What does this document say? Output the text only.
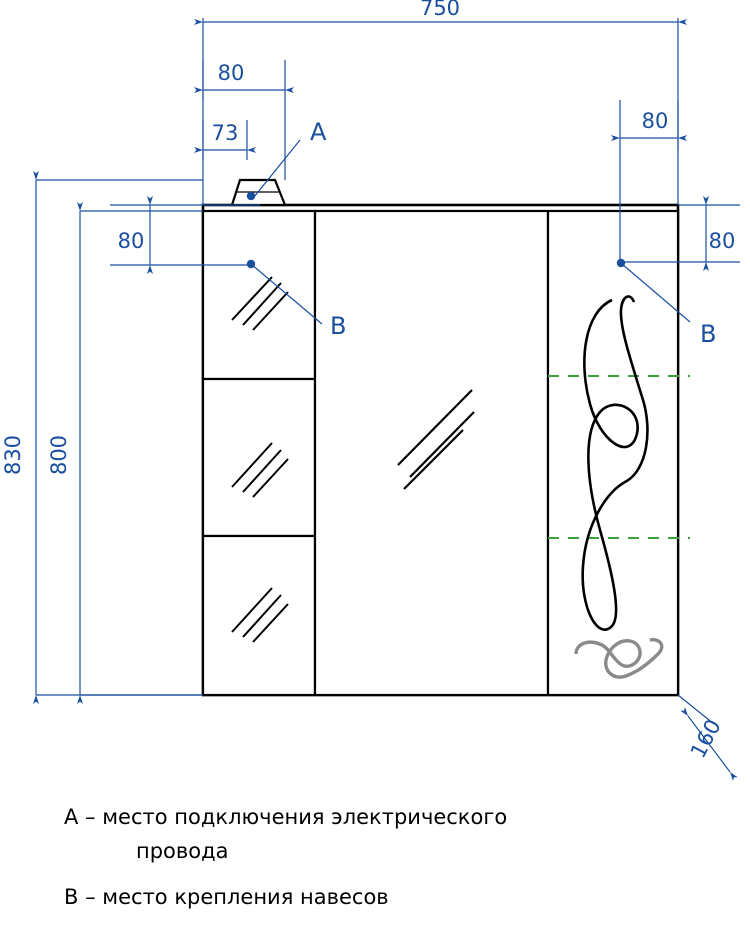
750
80
73	80
80	80
830 800
160
A
B	B
A – место подключения электрического
провода
B – место крепления навесов
